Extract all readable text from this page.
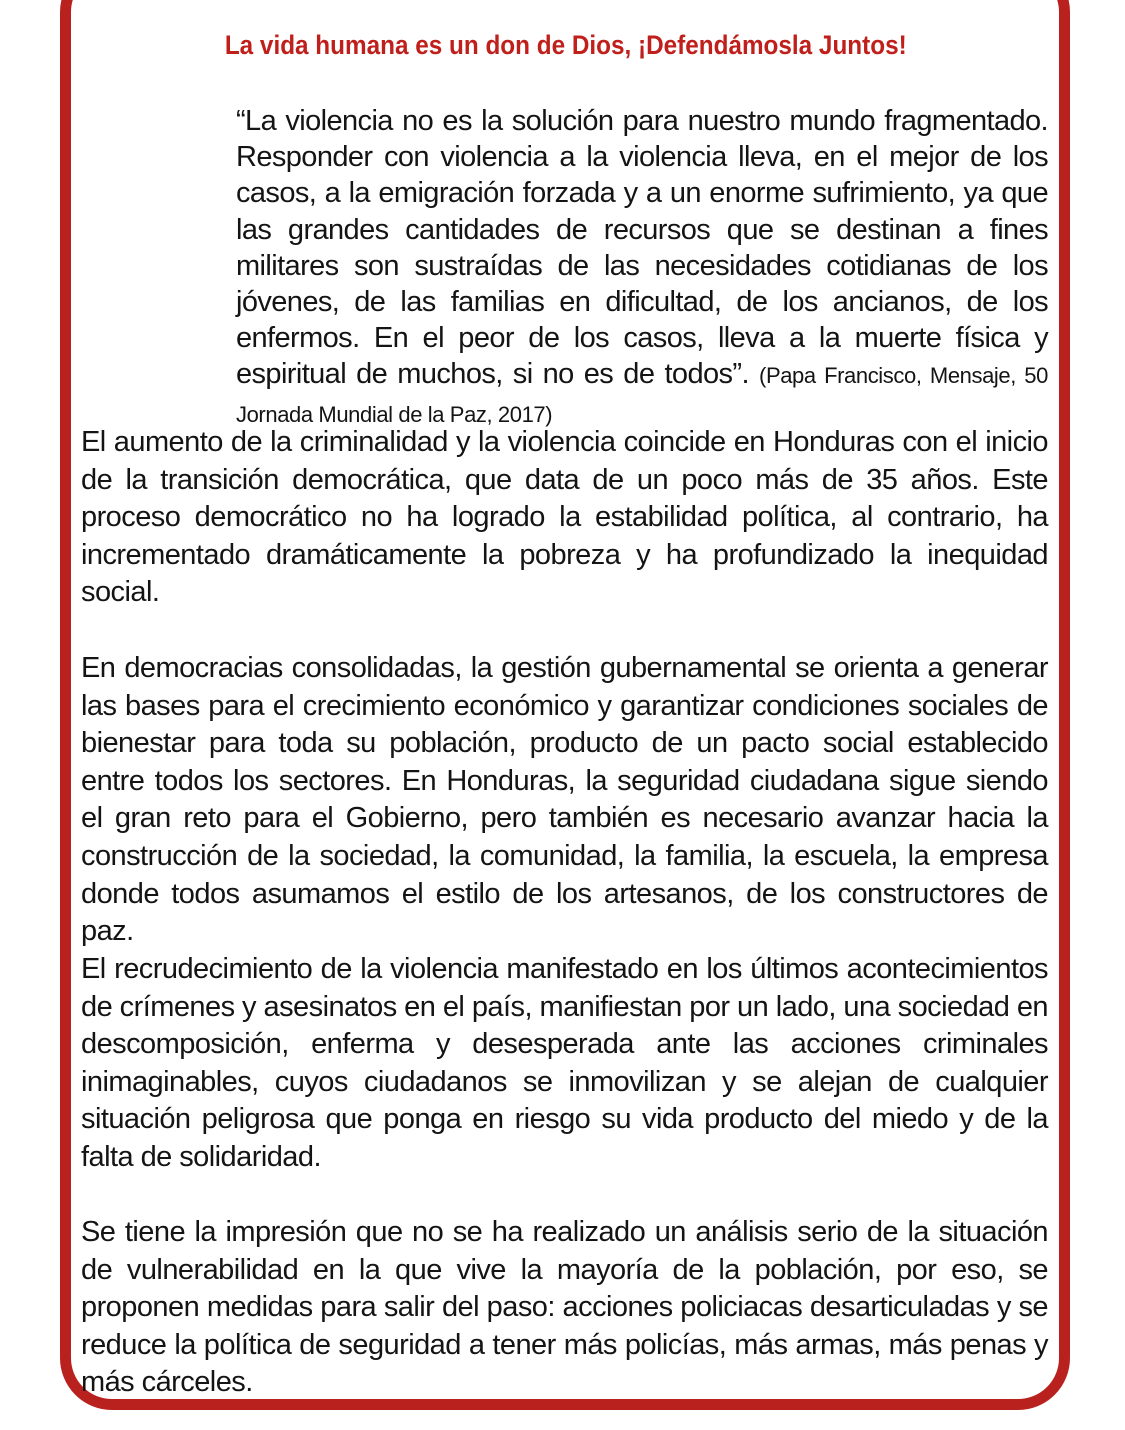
La vida humana es un don de Dios, ¡Defendámosla Juntos!

“La violencia no es la solución para nuestro mundo fragmentado. Responder con violencia a la violencia lleva, en el mejor de los casos, a la emigración forzada y a un enorme sufrimiento, ya que las grandes cantidades de recursos que se destinan a fines militares son sustraídas de las necesidades cotidianas de los jóvenes, de las familias en dificultad, de los ancianos, de los enfermos. En el peor de los casos, lleva a la muerte física y espiritual de muchos, si no es de todos”. (Papa Francisco, Mensaje, 50 Jornada Mundial de la Paz, 2017)

El aumento de la criminalidad y la violencia coincide en Honduras con el inicio de la transición democrática, que data de un poco más de 35 años. Este proceso democrático no ha logrado la estabilidad política, al contrario, ha incrementado dramáticamente la pobreza y ha profundizado la inequidad social.

En democracias consolidadas, la gestión gubernamental se orienta a generar las bases para el crecimiento económico y garantizar condiciones sociales de bienestar para toda su población, producto de un pacto social establecido entre todos los sectores. En Honduras, la seguridad ciudadana sigue siendo el gran reto para el Gobierno, pero también es necesario avanzar hacia la construcción de la sociedad, la comunidad, la familia, la escuela, la empresa donde todos asumamos el estilo de los artesanos, de los constructores de paz.

El recrudecimiento de la violencia manifestado en los últimos acontecimientos de crímenes y asesinatos en el país, manifiestan por un lado, una sociedad en descomposición, enferma y desesperada ante las acciones criminales inimaginables, cuyos ciudadanos se inmovilizan y se alejan de cualquier situación peligrosa que ponga en riesgo su vida producto del miedo y de la falta de solidaridad.

Se tiene la impresión que no se ha realizado un análisis serio de la situación de vulnerabilidad en la que vive la mayoría de la población, por eso, se proponen medidas para salir del paso: acciones policiacas desarticuladas y se reduce la política de seguridad a tener más policías, más armas, más penas y más cárceles.
